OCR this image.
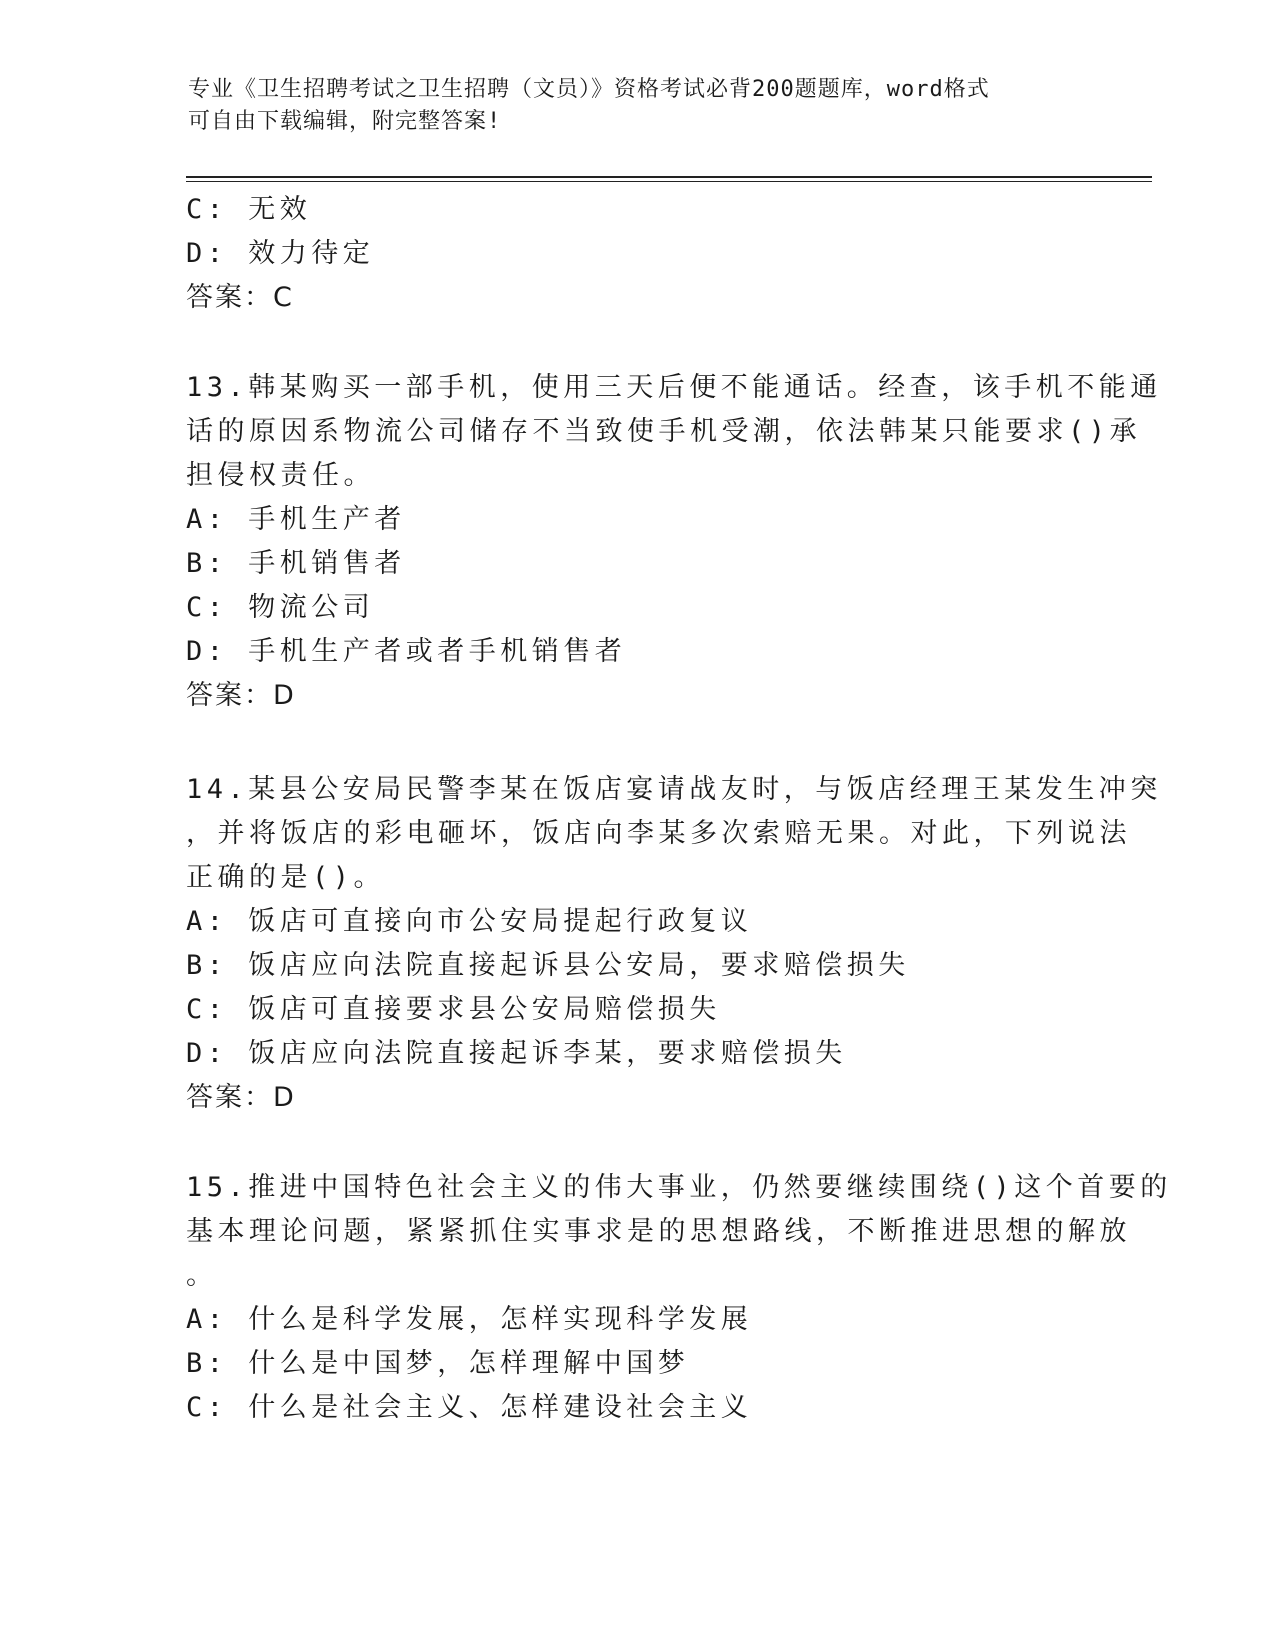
专业《卫生招聘考试之卫生招聘（文员）》资格考试必背200题题库，word格式
可自由下载编辑，附完整答案!
C: 无效
D: 效力待定
答案：C
13.韩某购买一部手机，使用三天后便不能通话。经查，该手机不能通
话的原因系物流公司储存不当致使手机受潮，依法韩某只能要求()承
担侵权责任。
A: 手机生产者
B: 手机销售者
C: 物流公司
D: 手机生产者或者手机销售者
答案：D
14.某县公安局民警李某在饭店宴请战友时，与饭店经理王某发生冲突
，并将饭店的彩电砸坏，饭店向李某多次索赔无果。对此，下列说法
正确的是()。
A: 饭店可直接向市公安局提起行政复议
B: 饭店应向法院直接起诉县公安局，要求赔偿损失
C: 饭店可直接要求县公安局赔偿损失
D: 饭店应向法院直接起诉李某，要求赔偿损失
答案：D
15.推进中国特色社会主义的伟大事业，仍然要继续围绕()这个首要的
基本理论问题，紧紧抓住实事求是的思想路线，不断推进思想的解放
。
A: 什么是科学发展，怎样实现科学发展
B: 什么是中国梦，怎样理解中国梦
C: 什么是社会主义、怎样建设社会主义
